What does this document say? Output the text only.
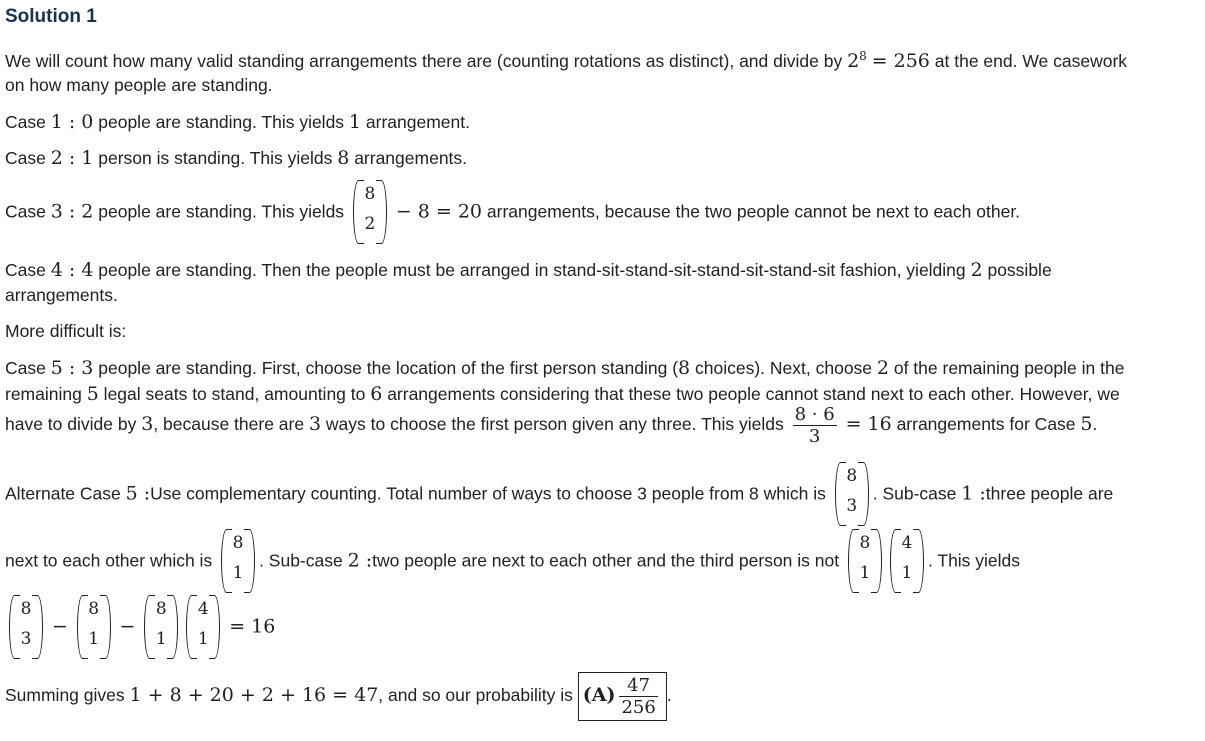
Solution 1
We will count how many valid standing arrangements there are (counting rotations as distinct), and divide by $2^8 = 256$ at the end. We casework
on how many people are standing.
Case 1 : 0 people are standing. This yields 1 arrangement.
Case 2 : 1 person is standing. This yields 8 arrangements.
Case 3 : 2 people are standing. This yields
8
2
− 8 = 20 arrangements, because the two people cannot be next to each other.
Case 4 : 4 people are standing. Then the people must be arranged in stand-sit-stand-sit-stand-sit-stand-sit fashion, yielding 2 possible
arrangements.
More difficult is:
Case 5 : 3 people are standing. First, choose the location of the first person standing (8 choices). Next, choose 2 of the remaining people in the
remaining 5 legal seats to stand, amounting to 6 arrangements considering that these two people cannot stand next to each other. However, we
have to divide by 3, because there are 3 ways to choose the first person given any three. This yields $\frac{8 \cdot 6}{3} = 16$ arrangements for Case 5.
Alternate Case 5 :Use complementary counting. Total number of ways to choose 3 people from 8 which is
8
3
. Sub-case 1 :three people are
next to each other which is
8
1
. Sub-case 2 :two people are next to each other and the third person is not
8
1
4
1
. This yields
8
3
−
8
1
−
8
1
4
1
= 16
Summing gives 1 + 8 + 20 + 2 + 16 = 47, and so our probability is $(A) \frac{47}{256}$ .
